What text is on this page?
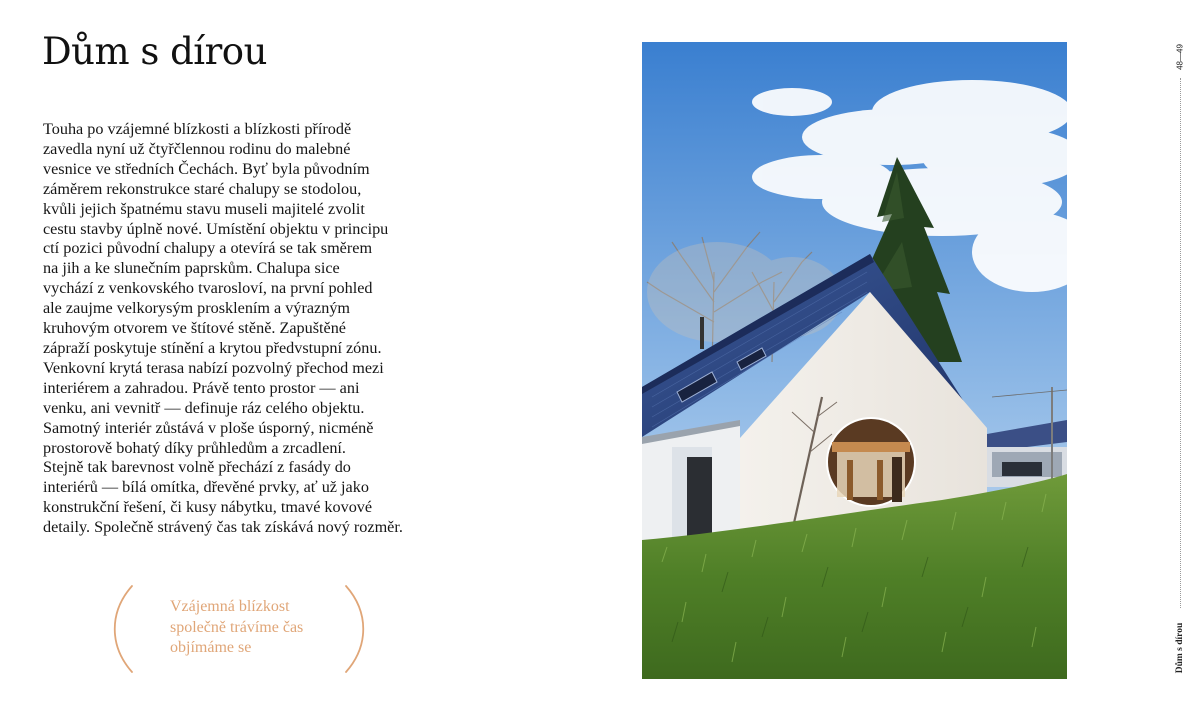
Dům s dírou
Touha po vzájemné blízkosti a blízkosti přírodě
zavedla nyní už čtyřčlennou rodinu do malebné
vesnice ve středních Čechách. Byť byla původním
záměrem rekonstrukce staré chalupy se stodolou,
kvůli jejich špatnému stavu museli majitelé zvolit
cestu stavby úplně nové. Umístění objektu v principu
ctí pozici původní chalupy a otevírá se tak směrem
na jih a ke slunečním paprskům. Chalupa sice
vychází z venkovského tvarosloví, na první pohled
ale zaujme velkorysým prosklením a výrazným
kruhovým otvorem ve štítové stěně. Zapuštěné
zápraží poskytuje stínění a krytou předvstupní zónu.
Venkovní krytá terasa nabízí pozvolný přechod mezi
interiérem a zahradou. Právě tento prostor — ani
venku, ani vevnitř — definuje ráz celého objektu.
Samotný interiér zůstává v ploše úsporný, nicméně
prostorově bohatý díky průhledům a zrcadlení.
Stejně tak barevnost volně přechází z fasády do
interiérů — bílá omítka, dřevěné prvky, ať už jako
konstrukční řešení, či kusy nábytku, tmavé kovové
detaily. Společně strávený čas tak získává nový rozměr.
Vzájemná blízkost
společně trávíme čas
objímáme se
48—49
Dům s dírou
